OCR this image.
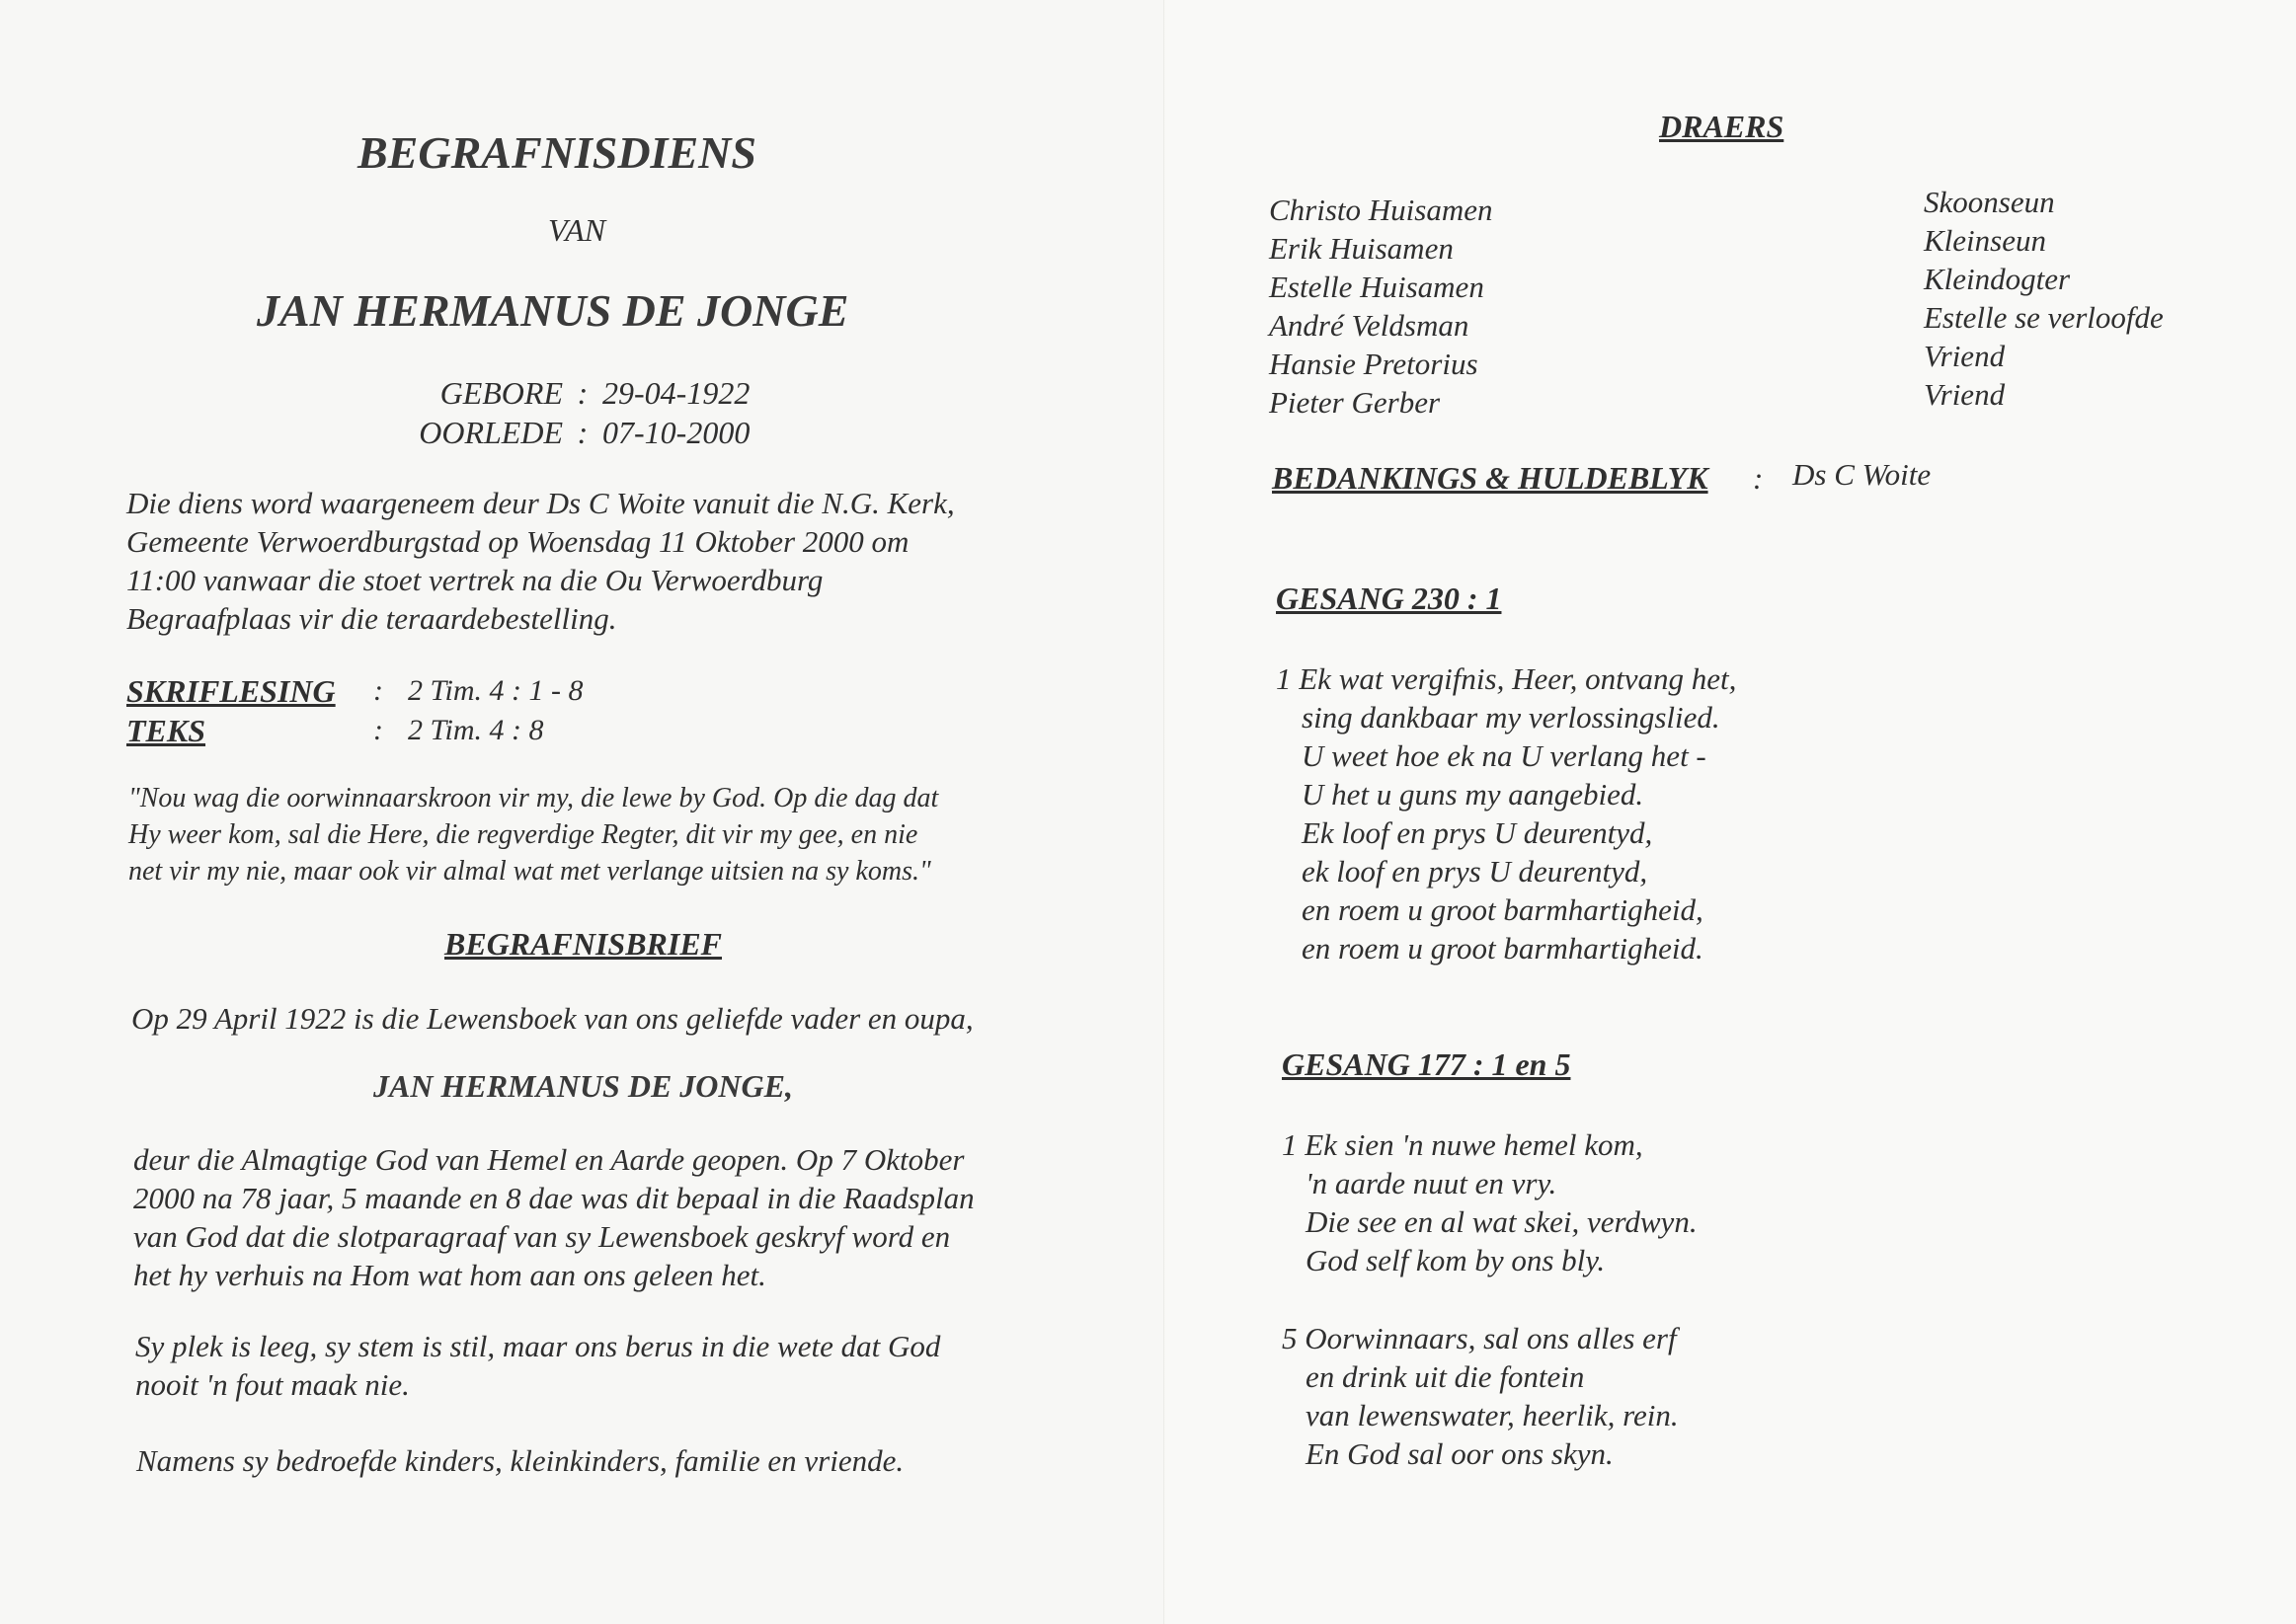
BEGRAFNISDIENS
VAN
JAN HERMANUS DE JONGE
GEBORE : 29-04-1922
OORLEDE : 07-10-2000
Die diens word waargeneem deur Ds C Woite vanuit die N.G. Kerk,
Gemeente Verwoerdburgstad op Woensdag 11 Oktober 2000 om
11:00 vanwaar die stoet vertrek na die Ou Verwoerdburg
Begraafplaas vir die teraardebestelling.
SKRIFLESING : 2 Tim. 4 : 1 - 8
TEKS	: 2 Tim. 4 : 8
"Nou wag die oorwinnaarskroon vir my, die lewe by God. Op die dag dat
Hy weer kom, sal die Here, die regverdige Regter, dit vir my gee, en nie
net vir my nie, maar ook vir almal wat met verlange uitsien na sy koms."
BEGRAFNISBRIEF
Op 29 April 1922 is die Lewensboek van ons geliefde vader en oupa,
JAN HERMANUS DE JONGE,
deur die Almagtige God van Hemel en Aarde geopen. Op 7 Oktober
2000 na 78 jaar, 5 maande en 8 dae was dit bepaal in die Raadsplan
van God dat die slotparagraaf van sy Lewensboek geskryf word en
het hy verhuis na Hom wat hom aan ons geleen het.
Sy plek is leeg, sy stem is stil, maar ons berus in die wete dat God
nooit 'n fout maak nie.
Namens sy bedroefde kinders, kleinkinders, familie en vriende.
DRAERS
Christo Huisamen
Erik Huisamen
Estelle Huisamen
André Veldsman
Hansie Pretorius
Pieter Gerber
Skoonseun
Kleinseun
Kleindogter
Estelle se verloofde
Vriend
Vriend
BEDANKINGS & HULDEBLYK : Ds C Woite
GESANG 230 : 1
1 Ek wat vergifnis, Heer, ontvang het,
sing dankbaar my verlossingslied.
U weet hoe ek na U verlang het -
U het u guns my aangebied.
Ek loof en prys U deurentyd,
ek loof en prys U deurentyd,
en roem u groot barmhartigheid,
en roem u groot barmhartigheid.
GESANG 177 : 1 en 5
1 Ek sien 'n nuwe hemel kom,
'n aarde nuut en vry.
Die see en al wat skei, verdwyn.
God self kom by ons bly.
5 Oorwinnaars, sal ons alles erf
en drink uit die fontein
van lewenswater, heerlik, rein.
En God sal oor ons skyn.
